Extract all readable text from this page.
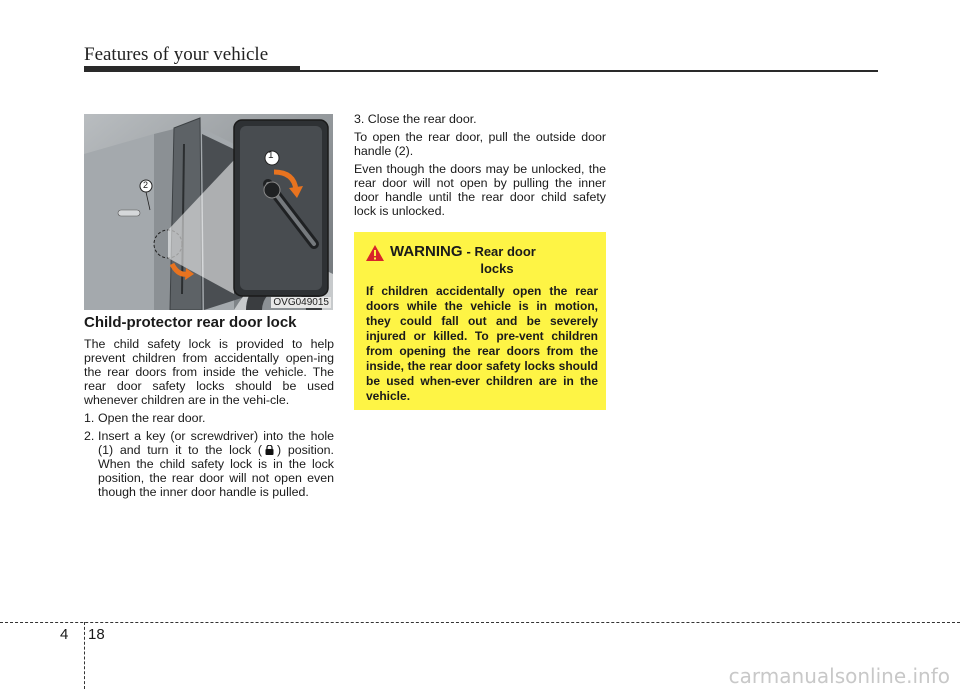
Features of your vehicle
1
2
OVG049015
Child-protector rear door lock

The child safety lock is provided to help prevent children from accidentally open-ing the rear doors from inside the vehicle. The rear door safety locks should be used whenever children are in the vehi-cle.

1. Open the rear door.
2. Insert a key (or screwdriver) into the hole (1) and turn it to the lock ( ) position. When the child safety lock is in the lock position, the rear door will not open even though the inner door handle is pulled.

3. Close the rear door.

To open the rear door, pull the outside door handle (2).

Even though the doors may be unlocked, the rear door will not open by pulling the inner door handle until the rear door child safety lock is unlocked.

WARNING - Rear door
locks
If children accidentally open the rear doors while the vehicle is in motion, they could fall out and be severely injured or killed. To pre-vent children from opening the rear doors from the inside, the rear door safety locks should be used when-ever children are in the vehicle.
4 18
carmanualsonline.info
